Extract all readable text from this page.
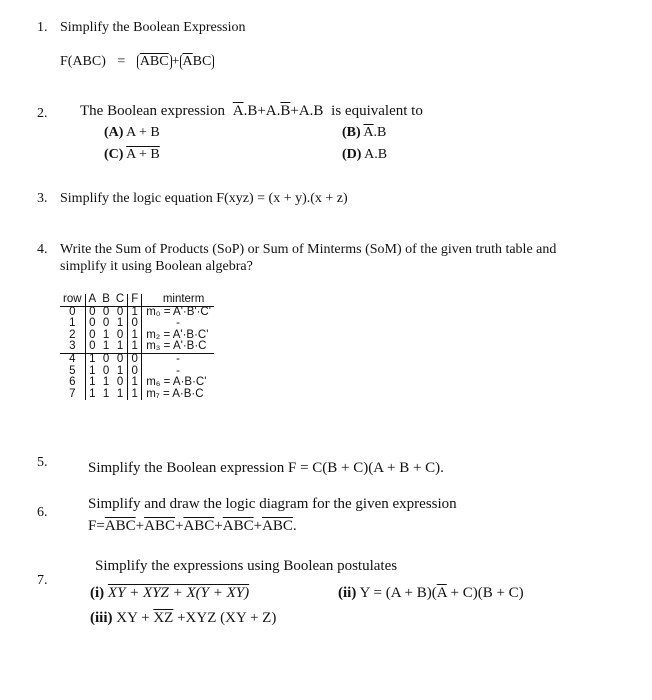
1. Simplify the Boolean Expression
$F(ABC) = \overline{ABC} + \overline{A}BC$
2. The Boolean expression $\overline{A}.B+A.\overline{B}+A.B$ is equivalent to
(A) A + B	(B) $\overline{A}.B$
(C) A + B	(D) A.B
3. Simplify the logic equation F(xyz) = (x + y).(x + z)
4. Write the Sum of Products (SoP) or Sum of Minterms (SoM) of the given truth table and
simplify it using Boolean algebra?
row	A	B	C	F	minterm
0	0	0	0	1	m₀ = A'·B'·C'
1	0	0	1	0	-
2	0	1	0	1	m₂ = A'·B·C'
3	0	1	1	1	m₃ = A'·B·C
4	1	0	0	0	-
5	1	0	1	0	-
6	1	1	0	1	m₆ = A·B·C'
7	1	1	1	1	m₇ = A·B·C
5.	Simplify the Boolean expression F = C(B + C)(A + B + C).
6.
Simplify and draw the logic diagram for the given expression
$F=\overline{ABC}+\overline{ABC}+\overline{ABC}+\overline{ABC}+\overline{ABC}$.
7.
Simplify the expressions using Boolean postulates
(i) XY + XYZ + X(Y + XY)	(ii) $Y = (A + B)(\overline{A} + C)(B + C)$
(iii) XY + $\overline{XZ} +XYZ$ (XY + Z)
